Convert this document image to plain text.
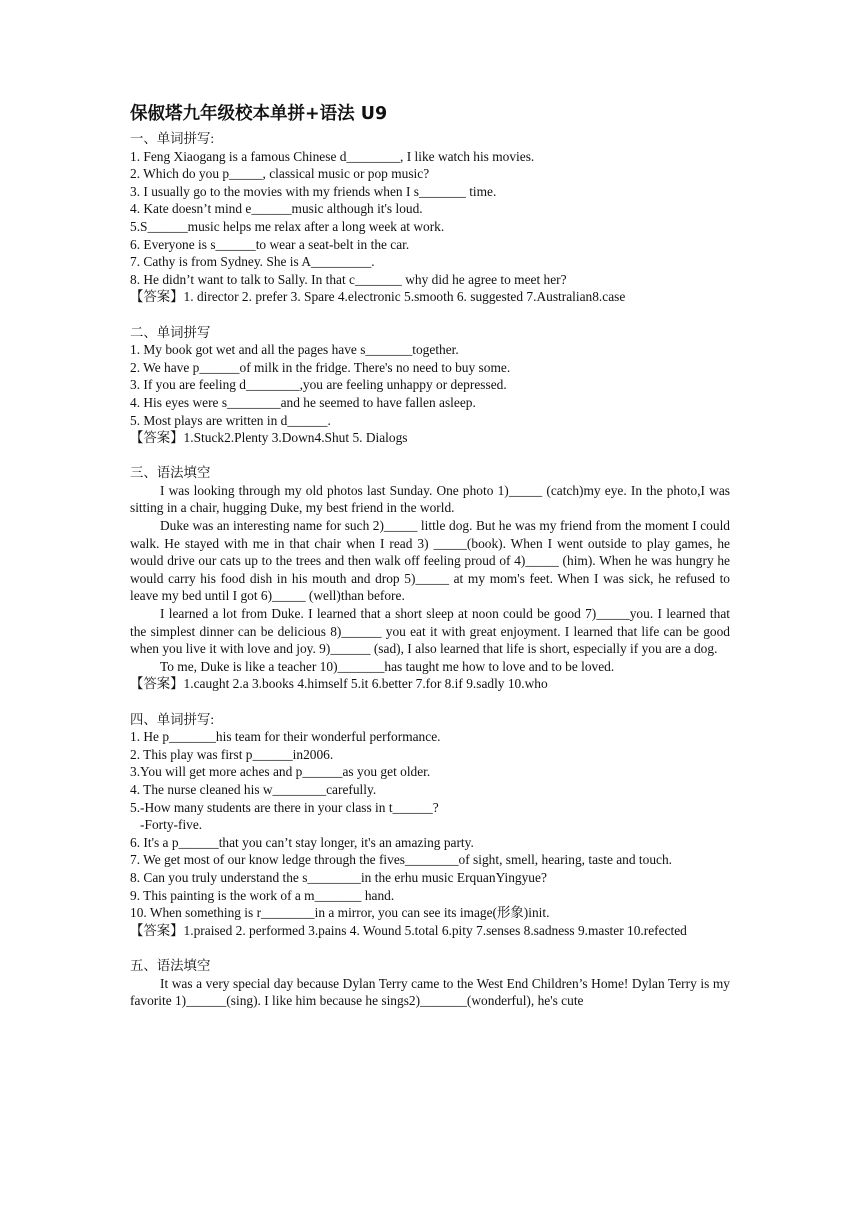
保俶塔九年级校本单拼+语法 U9
一、单词拼写:
1. Feng Xiaogang is a famous Chinese d________, I like watch his movies.
2. Which do you p_____, classical music or pop music?
3. I usually go to the movies with my friends when I s_______ time.
4. Kate doesn’t mind e______music although it's loud.
5.S______music helps me relax after a long week at work.
6. Everyone is s______to wear a seat-belt in the car.
7. Cathy is from Sydney. She is A_________.
8. He didn’t want to talk to Sally. In that c_______ why did he agree to meet her?
【答案】1. director 2. prefer 3. Spare 4.electronic 5.smooth 6. suggested 7.Australian8.case
二、单词拼写
1. My book got wet and all the pages have s_______together.
2. We have p______of milk in the fridge. There's no need to buy some.
3. If you are feeling d________,you are feeling unhappy or depressed.
4. His eyes were s________and he seemed to have fallen asleep.
5. Most plays are written in d______.
【答案】1.Stuck2.Plenty 3.Down4.Shut 5. Dialogs
三、语法填空
I was looking through my old photos last Sunday. One photo 1)_____ (catch)my eye. In the photo,I was sitting in a chair, hugging Duke, my best friend in the world.
Duke was an interesting name for such 2)_____ little dog. But he was my friend from the moment I could walk. He stayed with me in that chair when I read 3) _____(book). When I went outside to play games, he would drive our cats up to the trees and then walk off feeling proud of 4)_____ (him). When he was hungry he would carry his food dish in his mouth and drop 5)_____ at my mom's feet. When I was sick, he refused to leave my bed until I got 6)_____ (well)than before.
I learned a lot from Duke. I learned that a short sleep at noon could be good 7)_____you. I learned that the simplest dinner can be delicious 8)______ you eat it with great enjoyment. I learned that life can be good when you live it with love and joy. 9)______ (sad), I also learned that life is short, especially if you are a dog.
To me, Duke is like a teacher 10)_______has taught me how to love and to be loved.
【答案】1.caught 2.a 3.books 4.himself 5.it 6.better 7.for 8.if 9.sadly 10.who
四、单词拼写:
1. He p_______his team for their wonderful performance.
2. This play was first p______in2006.
3.You will get more aches and p______as you get older.
4. The nurse cleaned his w________carefully.
5.-How many students are there in your class in t______?
-Forty-five.
6. It's a p______that you can’t stay longer, it's an amazing party.
7. We get most of our know ledge through the fives________of sight, smell, hearing, taste and touch.
8. Can you truly understand the s________in the erhu music ErquanYingyue?
9. This painting is the work of a m_______ hand.
10. When something is r________in a mirror, you can see its image(形象)init.
【答案】1.praised 2. performed 3.pains 4. Wound 5.total 6.pity 7.senses 8.sadness 9.master 10.refected
五、语法填空
It was a very special day because Dylan Terry came to the West End Children’s Home! Dylan Terry is my favorite 1)______(sing). I like him because he sings2)_______(wonderful), he's cute
